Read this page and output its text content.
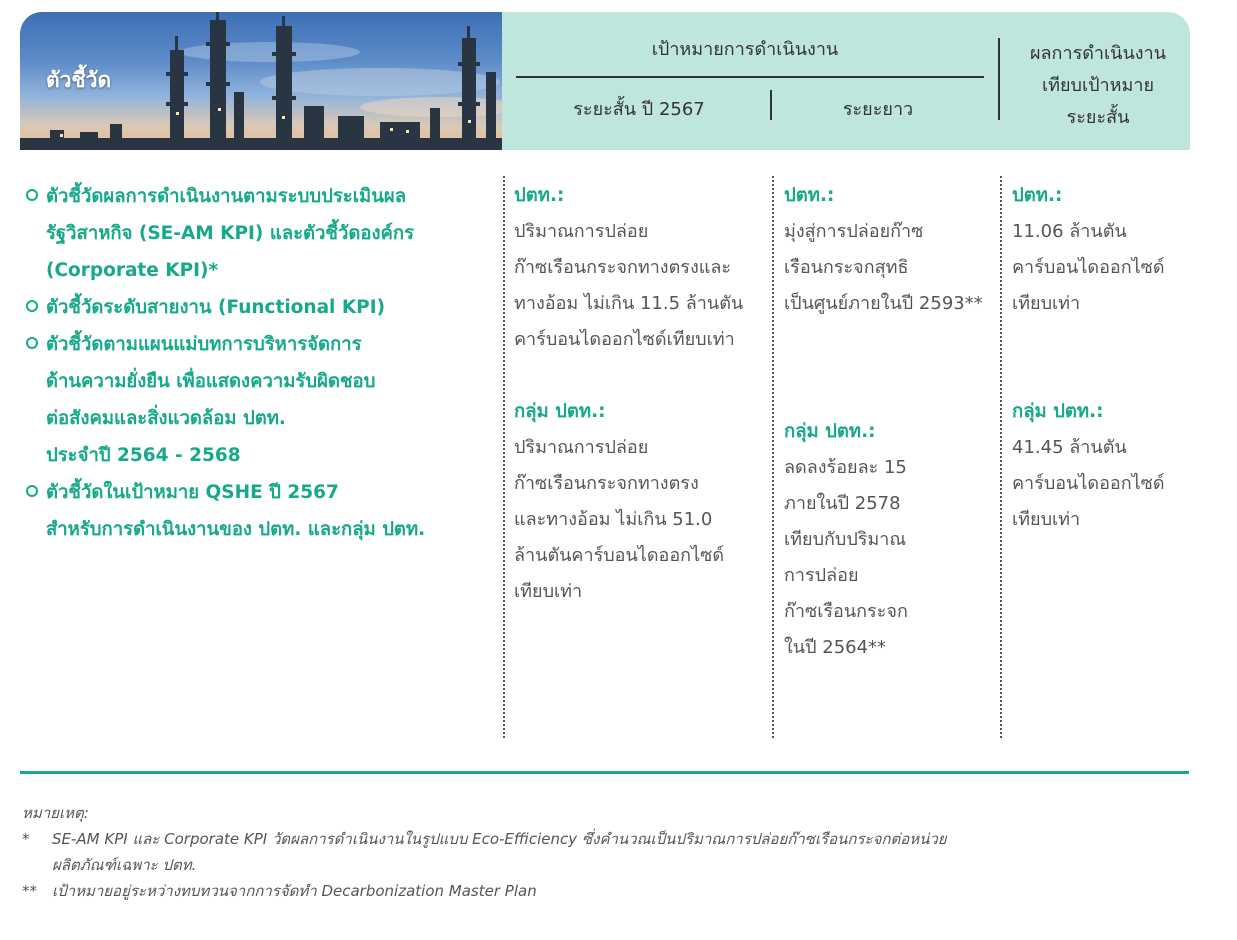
ตัวชี้วัด
เป้าหมายการดำเนินงาน
ระยะสั้น ปี 2567	ระยะยาว
ผลการดำเนินงาน
เทียบเป้าหมาย
ระยะสั้น
ตัวชี้วัดผลการดำเนินงานตามระบบประเมินผล
รัฐวิสาหกิจ (SE-AM KPI) และตัวชี้วัดองค์กร
(Corporate KPI)*
ตัวชี้วัดระดับสายงาน (Functional KPI)
ตัวชี้วัดตามแผนแม่บทการบริหารจัดการ
ด้านความยั่งยืน เพื่อแสดงความรับผิดชอบ
ต่อสังคมและสิ่งแวดล้อม ปตท.
ประจำปี 2564 - 2568
ตัวชี้วัดในเป้าหมาย QSHE ปี 2567
สำหรับการดำเนินงานของ ปตท. และกลุ่ม ปตท.
ปตท.:
ปริมาณการปล่อย
ก๊าซเรือนกระจกทางตรงและ
ทางอ้อม ไม่เกิน 11.5 ล้านตัน
คาร์บอนไดออกไซด์เทียบเท่า
กลุ่ม ปตท.:
ปริมาณการปล่อย
ก๊าซเรือนกระจกทางตรง
และทางอ้อม ไม่เกิน 51.0
ล้านตันคาร์บอนไดออกไซด์
เทียบเท่า
ปตท.:
มุ่งสู่การปล่อยก๊าซ
เรือนกระจกสุทธิ
เป็นศูนย์ภายในปี 2593**
กลุ่ม ปตท.:
ลดลงร้อยละ 15
ภายในปี 2578
เทียบกับปริมาณ
การปล่อย
ก๊าซเรือนกระจก
ในปี 2564**
ปตท.:
11.06 ล้านตัน
คาร์บอนไดออกไซด์
เทียบเท่า
กลุ่ม ปตท.:
41.45 ล้านตัน
คาร์บอนไดออกไซด์
เทียบเท่า
หมายเหตุ:
* SE-AM KPI และ Corporate KPI วัดผลการดำเนินงานในรูปแบบ Eco-Efficiency ซึ่งคำนวณเป็นปริมาณการปล่อยก๊าซเรือนกระจกต่อหน่วย
ผลิตภัณฑ์เฉพาะ ปตท.
** เป้าหมายอยู่ระหว่างทบทวนจากการจัดทำ Decarbonization Master Plan
